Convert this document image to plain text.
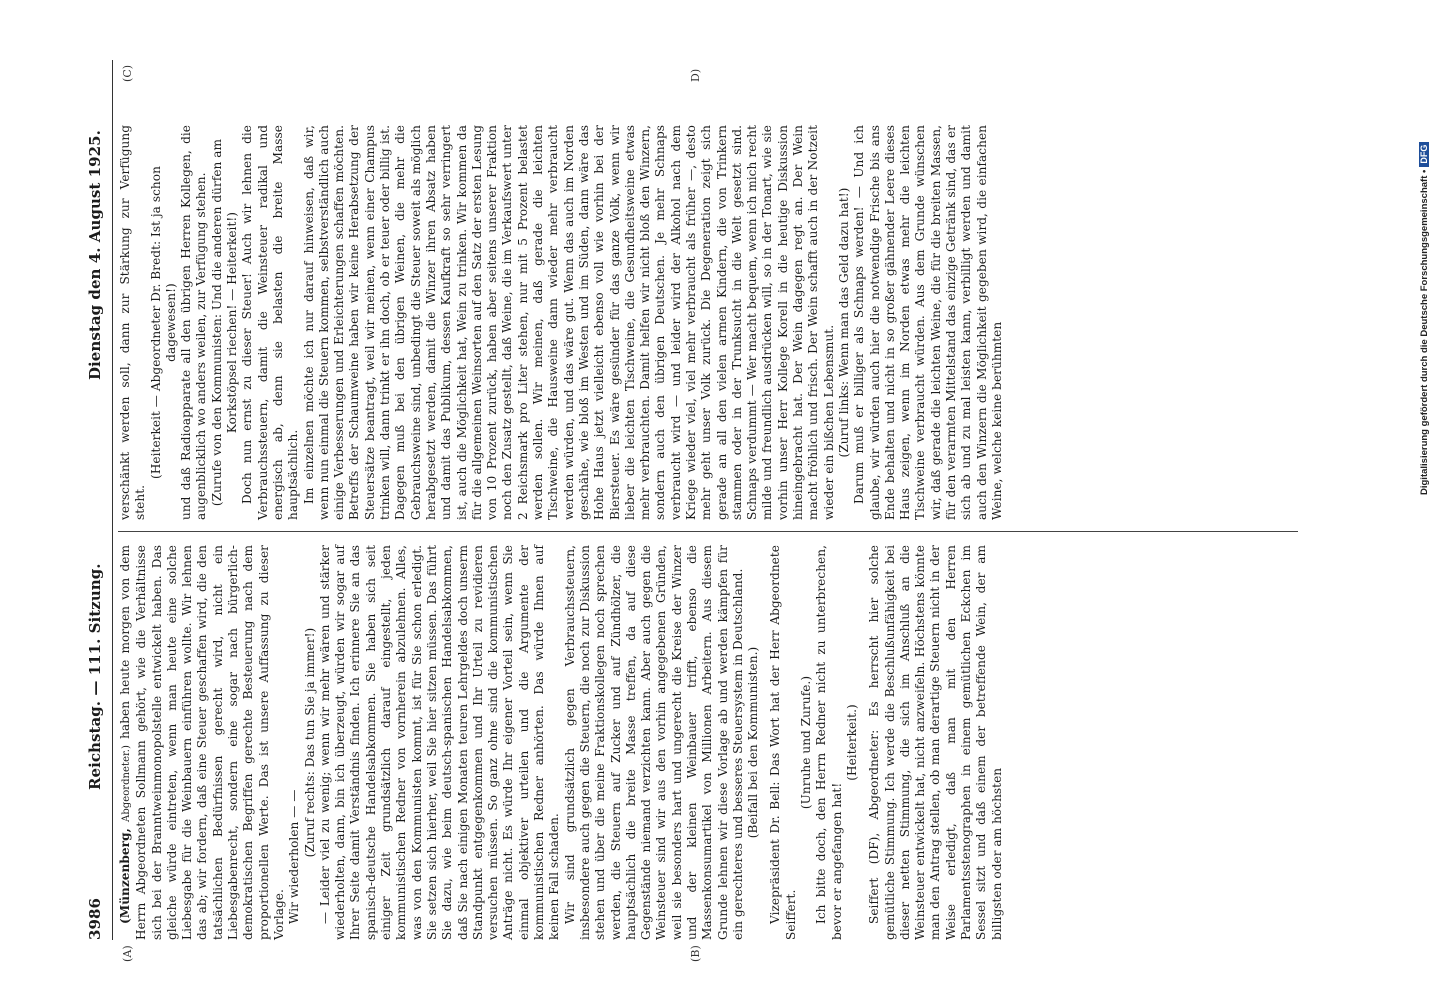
3986
Reichstag. — 111. Sitzung.
Dienstag den 4. August 1925.
(A)	(B)
(C)	D)

(Münzenberg, Abgeordneter.) haben heute morgen von dem Herrn Abgeordneten Sollmann gehört, wie die Verhältnisse sich bei der Branntweinmonopolstelle entwickelt haben. Das gleiche würde eintreten, wenn man heute eine solche Liebesgabe für die Weinbauern einführen wollte. Wir lehnen das ab; wir fordern, daß eine Steuer geschaffen wird, die den tatsächlichen Bedürfnissen gerecht wird, nicht ein Liebesgabenrecht, sondern eine sogar nach bürgerlich-demokratischen Begriffen gerechte Besteuerung nach dem proportionellen Werte. Das ist unsere Auffassung zu dieser Vorlage. Wir wiederholen — — (Zuruf rechts: Das tun Sie ja immer!) — Leider viel zu wenig; wenn wir mehr wären und stärker wiederholten, dann, bin ich überzeugt, würden wir sogar auf Ihrer Seite damit Verständnis finden. Ich erinnere Sie an das spanisch-deutsche Handelsabkommen. Sie haben sich seit einiger Zeit grundsätzlich darauf eingestellt, jeden kommunistischen Redner von vornherein abzulehnen. Alles, was von den Kommunisten kommt, ist für Sie schon erledigt. Sie setzen sich hierher, weil Sie hier sitzen müssen. Das führt Sie dazu, wie beim deutsch-spanischen Handelsabkommen, daß Sie nach einigen Monaten teuren Lehrgeldes doch unserm Standpunkt entgegenkommen und Ihr Urteil zu revidieren versuchen müssen. So ganz ohne sind die kommunistischen Anträge nicht. Es würde Ihr eigener Vorteil sein, wenn Sie einmal objektiver urteilen und die Argumente der kommunistischen Redner anhörten. Das würde Ihnen auf keinen Fall schaden. Wir sind grundsätzlich gegen Verbrauchssteuern, insbesondere auch gegen die Steuern, die noch zur Diskussion stehen und über die meine Fraktionskollegen noch sprechen werden, die Steuern auf Zucker und auf Zündhölzer, die hauptsächlich die breite Masse treffen, da auf diese Gegenstände niemand verzichten kann. Aber auch gegen die Weinsteuer sind wir aus den vorhin angegebenen Gründen, weil sie besonders hart und ungerecht die Kreise der Winzer und der kleinen Weinbauer trifft, ebenso die Massenkonsumartikel von Millionen Arbeitern. Aus diesem Grunde lehnen wir diese Vorlage ab und werden kämpfen für ein gerechteres und besseres Steuersystem in Deutschland. (Beifall bei den Kommunisten.) Vizepräsident Dr. Bell: Das Wort hat der Herr Abgeordnete Seiffert.

(Unruhe und Zurufe.) Ich bitte doch, den Herrn Redner nicht zu unterbrechen, bevor er angefangen hat!

(Heiterkeit.) Seiffert (DF), Abgeordneter: Es herrscht hier solche gemütliche Stimmung. Ich werde die Beschlußunfähigkeit bei dieser netten Stimmung, die sich im Anschluß an die Weinsteuer entwickelt hat, nicht anzweifeln. Höchstens könnte man den Antrag stellen, ob man derartige Steuern nicht in der Weise erledigt, daß man mit den Herren Parlamentsstenographen in einem gemütlichen Eckchen im Sessel sitzt und daß einem der betreffende Wein, der am billigsten oder am höchsten

verschänkt werden soll, dann zur Stärkung zur Verfügung steht.

(Heiterkeit — Abgeordneter Dr. Bredt: Ist ja schon dagewesen!) und daß Radioapparate all den übrigen Herren Kollegen, die augenblicklich wo anders weilen, zur Verfügung stehen. (Zurufe von den Kommunisten: Und die anderen dürfen am Korkstöpsel riechen! — Heiterkeit!) Doch nun ernst zu dieser Steuer! Auch wir lehnen die Verbrauchssteuern, damit die Weinsteuer radikal und energisch ab, denn sie belasten die breite Masse hauptsächlich. Im einzelnen möchte ich nur darauf hinweisen, daß wir, wenn nun einmal die Steuern kommen, selbstverständlich auch einige Verbesserungen und Erleichterungen schaffen möchten. Betreffs der Schaumweine haben wir keine Herabsetzung der Steuersätze beantragt, weil wir meinen, wenn einer Champus trinken will, dann trinkt er ihn doch, ob er teuer oder billig ist. Dagegen muß bei den übrigen Weinen, die mehr die Gebrauchsweine sind, unbedingt die Steuer soweit als möglich herabgesetzt werden, damit die Winzer ihren Absatz haben und damit das Publikum, dessen Kaufkraft so sehr verringert ist, auch die Möglichkeit hat, Wein zu trinken. Wir kommen da für die allgemeinen Weinsorten auf den Satz der ersten Lesung von 10 Prozent zurück, haben aber seitens unserer Fraktion noch den Zusatz gestellt, daß Weine, die im Verkaufswert unter 2 Reichsmark pro Liter stehen, nur mit 5 Prozent belastet werden sollen. Wir meinen, daß gerade die leichten Tischweine, die Hausweine dann wieder mehr verbraucht werden würden, und das wäre gut. Wenn das auch im Norden geschähe, wie bloß im Westen und im Süden, dann wäre das Hohe Haus jetzt vielleicht ebenso voll wie vorhin bei der Biersteuer. Es wäre gesünder für das ganze Volk, wenn wir lieber die leichten Tischweine, die Gesundheitsweine etwas mehr verbrauchten. Damit helfen wir nicht bloß den Winzern, sondern auch den übrigen Deutschen. Je mehr Schnaps verbraucht wird — und leider wird der Alkohol nach dem Kriege wieder viel, viel mehr verbraucht als früher —, desto mehr geht unser Volk zurück. Die Degeneration zeigt sich gerade an all den vielen armen Kindern, die von Trinkern stammen oder in der Trunksucht in die Welt gesetzt sind. Schnaps verdummt — Wer macht bequem, wenn ich mich recht milde und freundlich ausdrücken will, so in der Tonart, wie sie vorhin unser Herr Kollege Korell in die heutige Diskussion hineingebracht hat. Der Wein dagegen regt an. Der Wein macht fröhlich und frisch. Der Wein schafft auch in der Notzeit wieder ein bißchen Lebensmut. (Zuruf links: Wenn man das Geld dazu hat!) Darum muß er billiger als Schnaps werden! — Und ich glaube, wir würden auch hier die notwendige Frische bis ans Ende behalten und nicht in so großer gähnender Leere dieses Haus zeigen, wenn im Norden etwas mehr die leichten Tischweine verbraucht würden. Aus dem Grunde wünschen wir, daß gerade die leichten Weine, die für die breiten Massen, für den verarmten Mittelstand das einzige Getränk sind, das er sich ab und zu mal leisten kann, verbilligt werden und damit auch den Winzern die Möglichkeit gegeben wird, die einfachen Weine, welche keine berühmten	Digitalisierung gefördert durch die Deutsche Forschungsgemeinschaft •DFG
